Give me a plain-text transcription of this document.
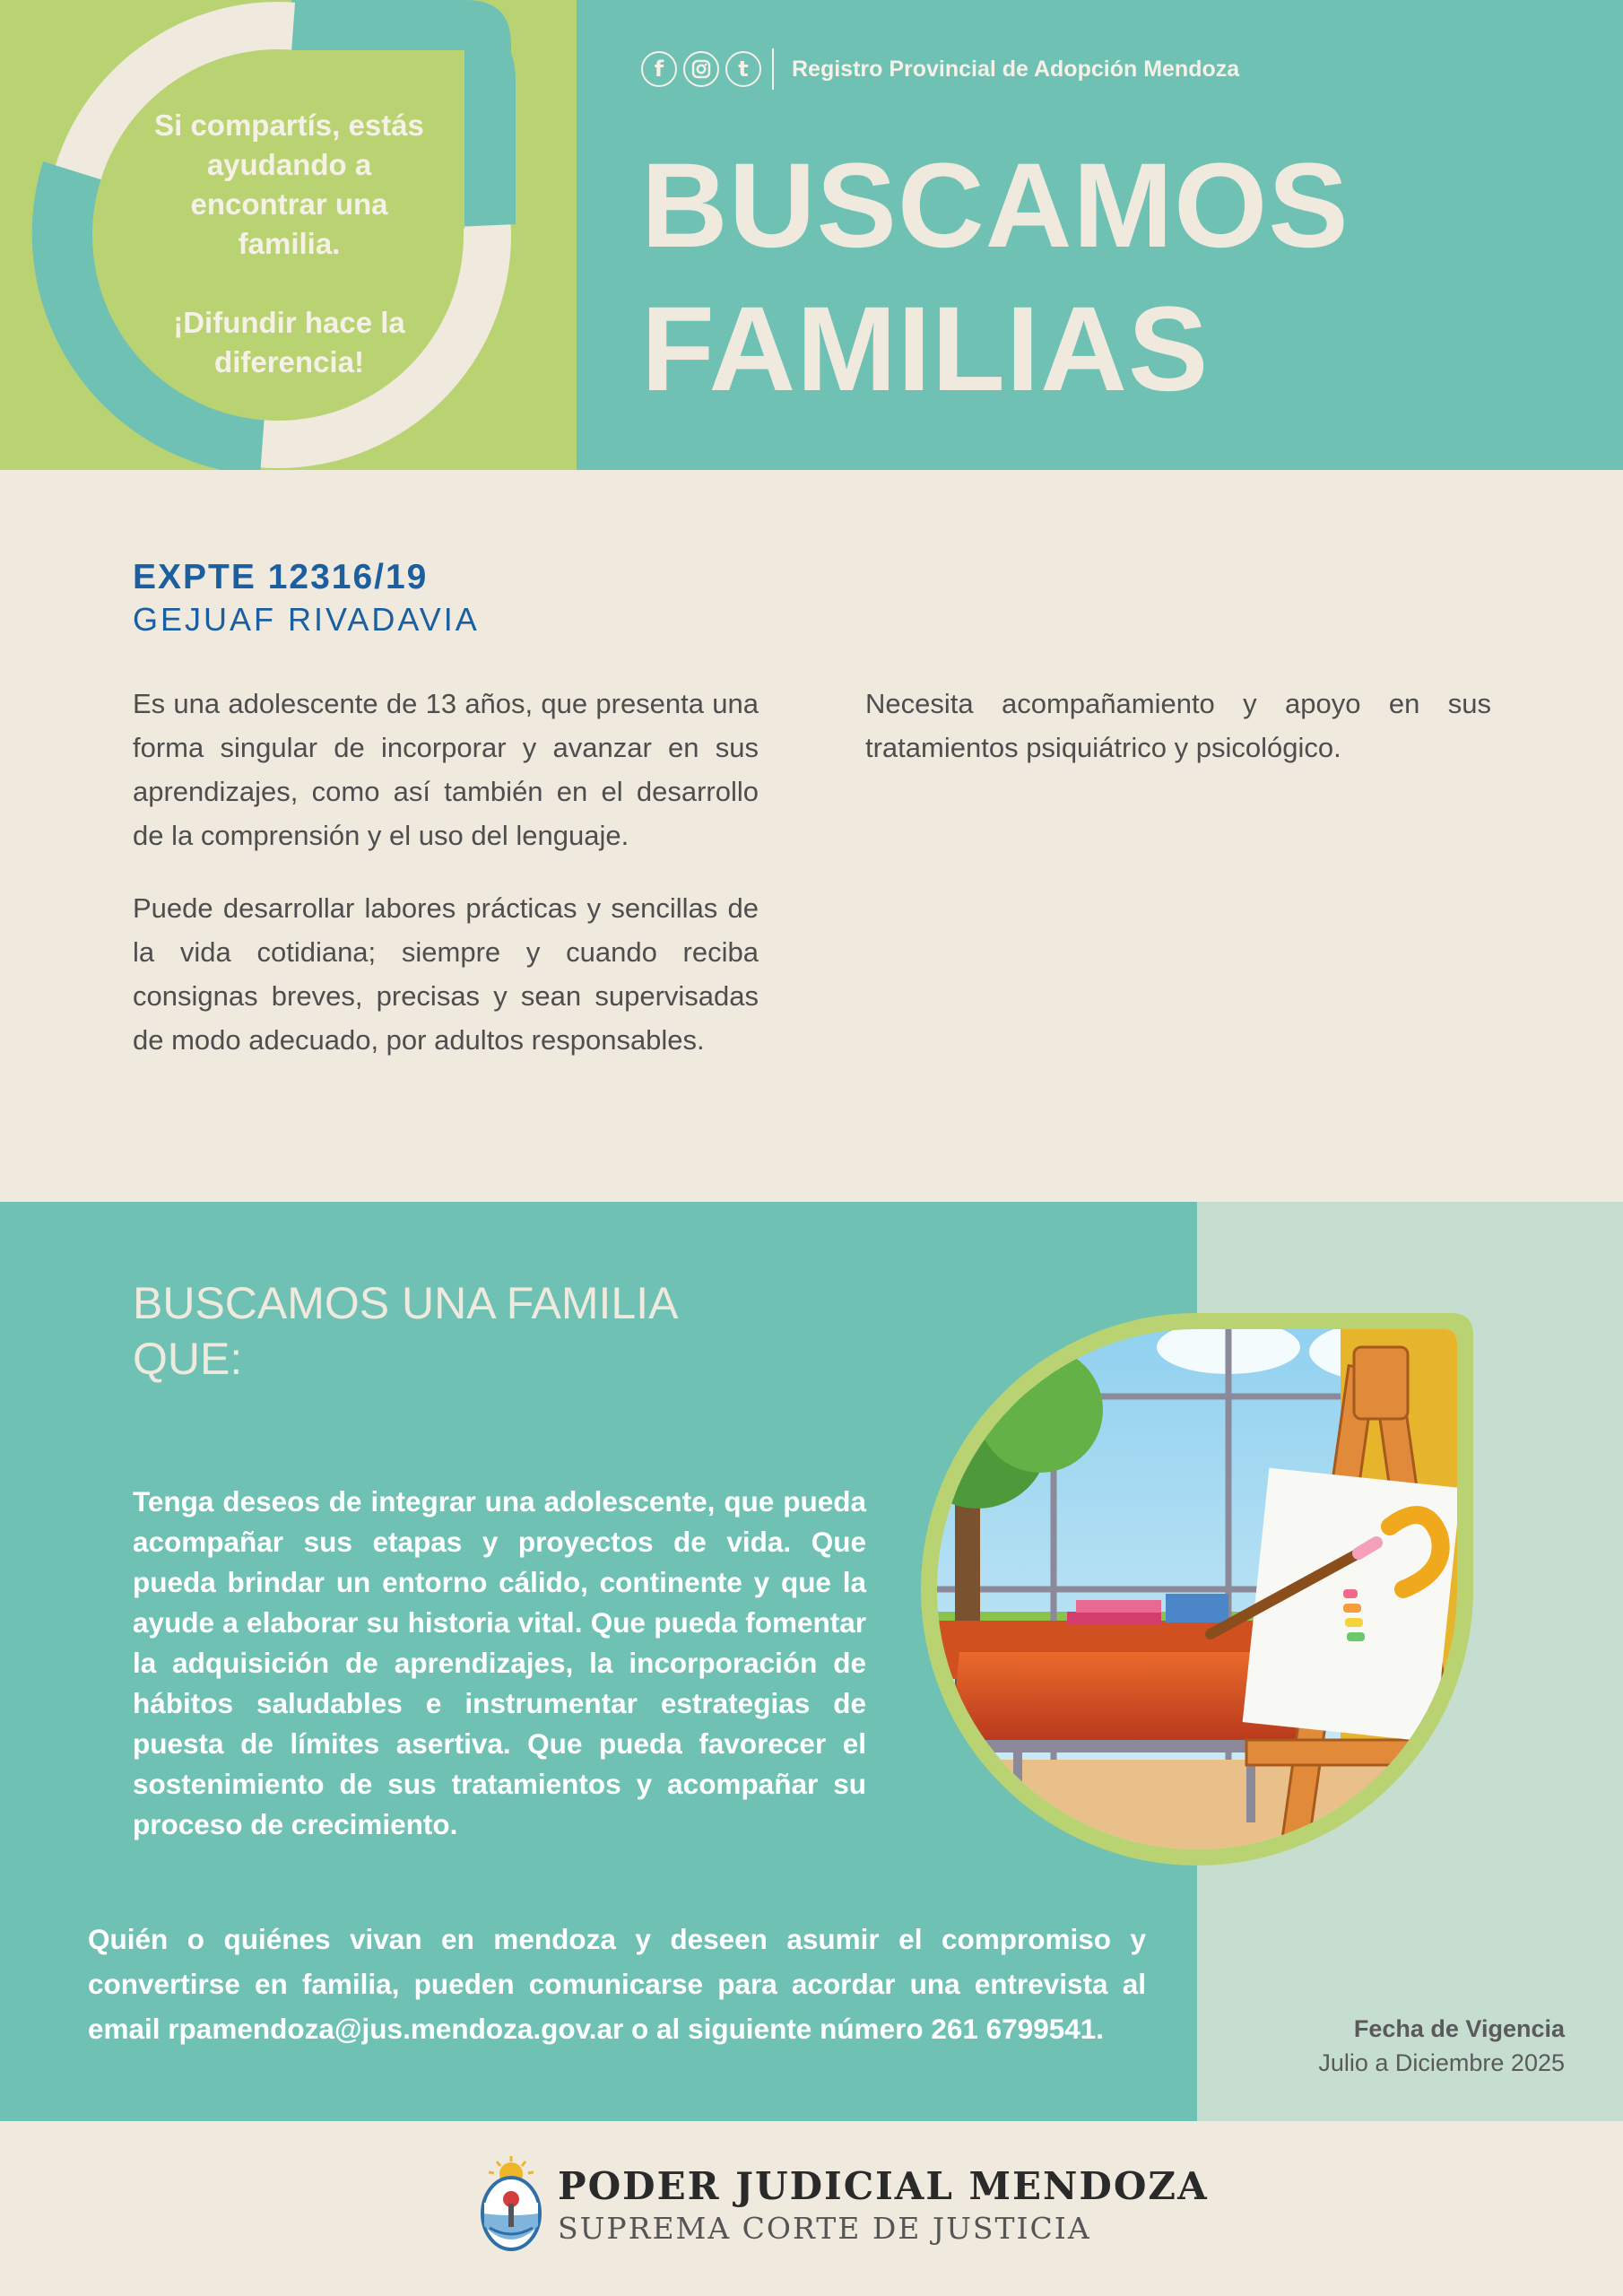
Si compartís, estás ayudando a encontrar una familia.

¡Difundir hace la diferencia!

f	t	Registro Provincial de Adopción Mendoza
BUSCAMOS
FAMILIAS
EXPTE 12316/19
GEJUAF RIVADAVIA

Es una adolescente de 13 años, que presenta una forma singular de incorporar y avanzar en sus aprendizajes, como así también en el desarrollo de la comprensión y el uso del lenguaje.

Puede desarrollar labores prácticas y sencillas de la vida cotidiana; siempre y cuando reciba consignas breves, precisas y sean supervisadas de modo adecuado, por adultos responsables.

Necesita acompañamiento y apoyo en sus tratamientos psiquiátrico y psicológico.

BUSCAMOS UNA FAMILIA QUE:
Tenga deseos de integrar una adolescente, que pueda acompañar sus etapas y proyectos de vida. Que pueda brindar un entorno cálido, continente y que la ayude a elaborar su historia vital. Que pueda fomentar la adquisición de aprendizajes, la incorporación de hábitos saludables e instrumentar estrategias de puesta de límites asertiva. Que pueda favorecer el sostenimiento de sus tratamientos y acompañar su proceso de crecimiento.
Quién o quiénes vivan en mendoza y deseen asumir el compromiso y convertirse en familia, pueden comunicarse para acordar una entrevista al email rpamendoza@jus.mendoza.gov.ar o al siguiente número 261 6799541.	Fecha de Vigencia
Julio a Diciembre 2025
PODER JUDICIAL MENDOZA
SUPREMA CORTE DE JUSTICIA
